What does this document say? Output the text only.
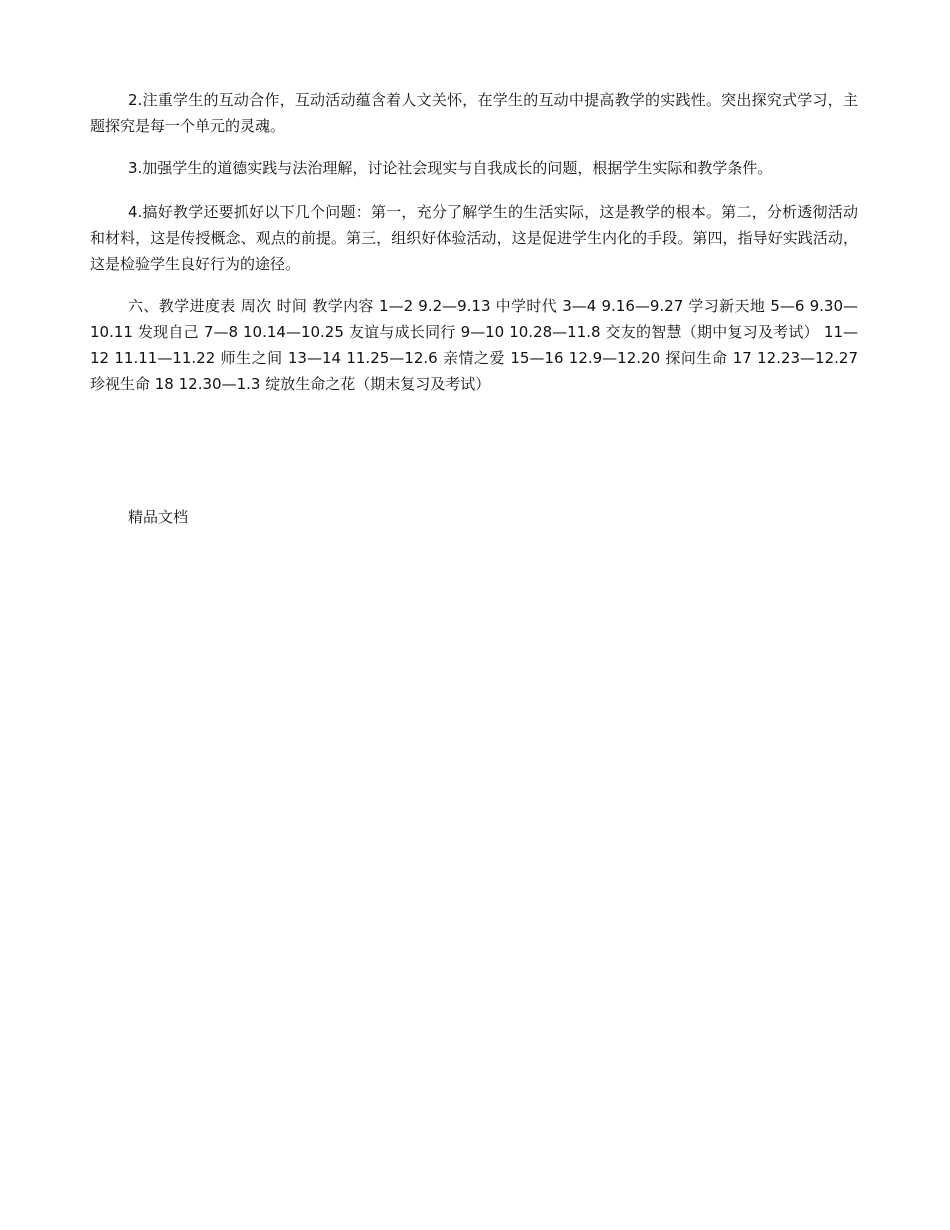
2.注重学生的互动合作，互动活动蕴含着人文关怀，在学生的互动中提高教学的实践性。突出探究式学习，主题探究是每一个单元的灵魂。

3.加强学生的道德实践与法治理解，讨论社会现实与自我成长的问题，根据学生实际和教学条件。

4.搞好教学还要抓好以下几个问题：第一，充分了解学生的生活实际，这是教学的根本。第二，分析透彻活动和材料，这是传授概念、观点的前提。第三，组织好体验活动，这是促进学生内化的手段。第四，指导好实践活动，这是检验学生良好行为的途径。

六、教学进度表 周次 时间 教学内容 1—2 9.2—9.13 中学时代 3—4 9.16—9.27 学习新天地 5—6 9.30—10.11 发现自己 7—8 10.14—10.25 友谊与成长同行 9—10 10.28—11.8 交友的智慧（期中复习及考试） 11—12 11.11—11.22 师生之间 13—14 11.25—12.6 亲情之爱 15—16 12.9—12.20 探问生命 17 12.23—12.27 珍视生命 18 12.30—1.3 绽放生命之花（期末复习及考试）

精品文档
